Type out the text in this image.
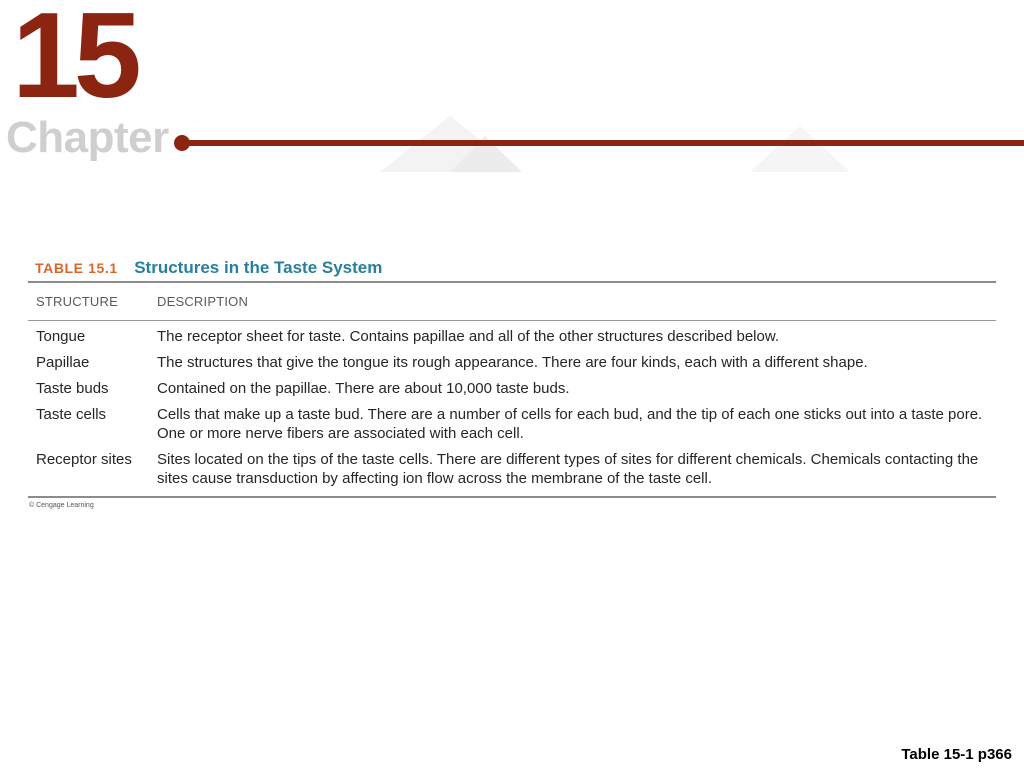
15
Chapter
TABLE 15.1 Structures in the Taste System
STRUCTURE	DESCRIPTION
Tongue	The receptor sheet for taste. Contains papillae and all of the other structures described below.
Papillae	The structures that give the tongue its rough appearance. There are four kinds, each with a different shape.
Taste buds	Contained on the papillae. There are about 10,000 taste buds.
Taste cells	Cells that make up a taste bud. There are a number of cells for each bud, and the tip of each one sticks out into a taste pore. One or more nerve fibers are associated with each cell.
Receptor sites	Sites located on the tips of the taste cells. There are different types of sites for different chemicals. Chemicals contacting the sites cause transduction by affecting ion flow across the membrane of the taste cell.
© Cengage Learning
Table 15-1 p366
